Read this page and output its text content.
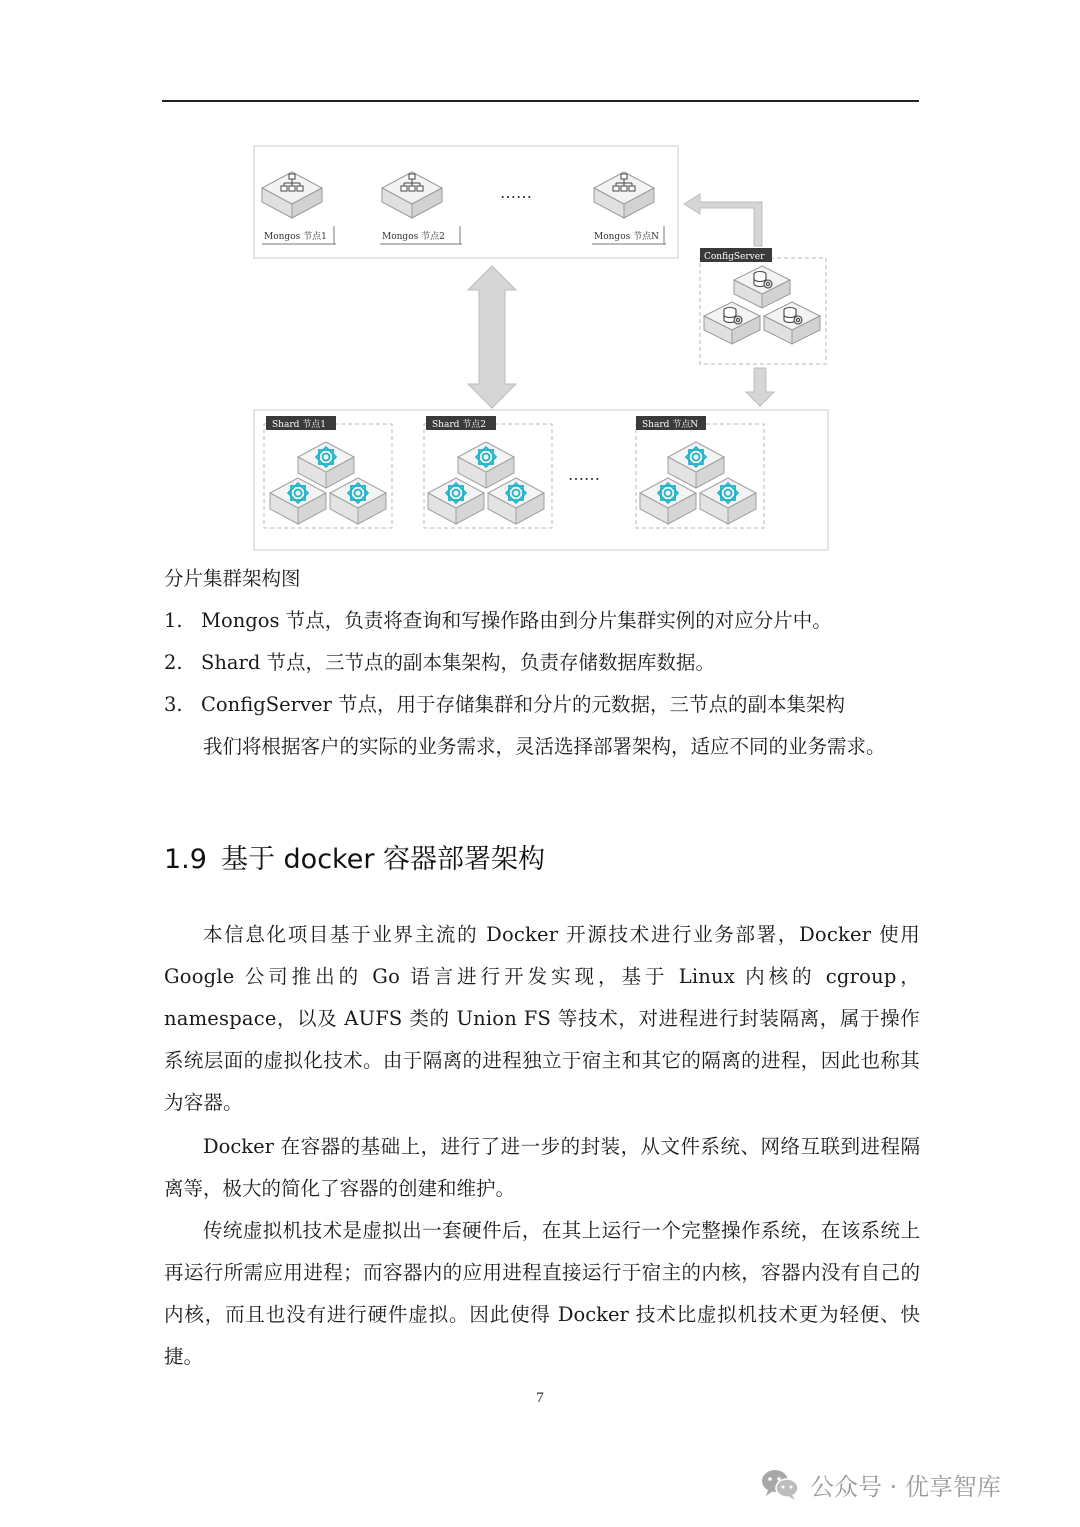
Mongos 节点1	Mongos 节点2	Mongos 节点N
……
ConfigServer
Shard 节点1	Shard 节点2
……
Shard 节点N
分片集群架构图
1. Mongos 节点，负责将查询和写操作路由到分片集群实例的对应分片中。
2. Shard 节点，三节点的副本集架构，负责存储数据库数据。
3. ConfigServer 节点，用于存储集群和分片的元数据，三节点的副本集架构
我们将根据客户的实际的业务需求，灵活选择部署架构，适应不同的业务需求。
1.9 基于 docker 容器部署架构
本信息化项目基于业界主流的 Docker 开源技术进行业务部署，Docker 使用 Google 公司推出的 Go 语言进行开发实现，基于 Linux 内核的 cgroup，namespace，以及 AUFS 类的 Union FS 等技术，对进程进行封装隔离，属于操作系统层面的虚拟化技术。由于隔离的进程独立于宿主和其它的隔离的进程，因此也称其为容器。
Docker 在容器的基础上，进行了进一步的封装，从文件系统、网络互联到进程隔离等，极大的简化了容器的创建和维护。
传统虚拟机技术是虚拟出一套硬件后，在其上运行一个完整操作系统，在该系统上再运行所需应用进程；而容器内的应用进程直接运行于宿主的内核，容器内没有自己的内核，而且也没有进行硬件虚拟。因此使得 Docker 技术比虚拟机技术更为轻便、快捷。
7
公众号 · 优享智库
